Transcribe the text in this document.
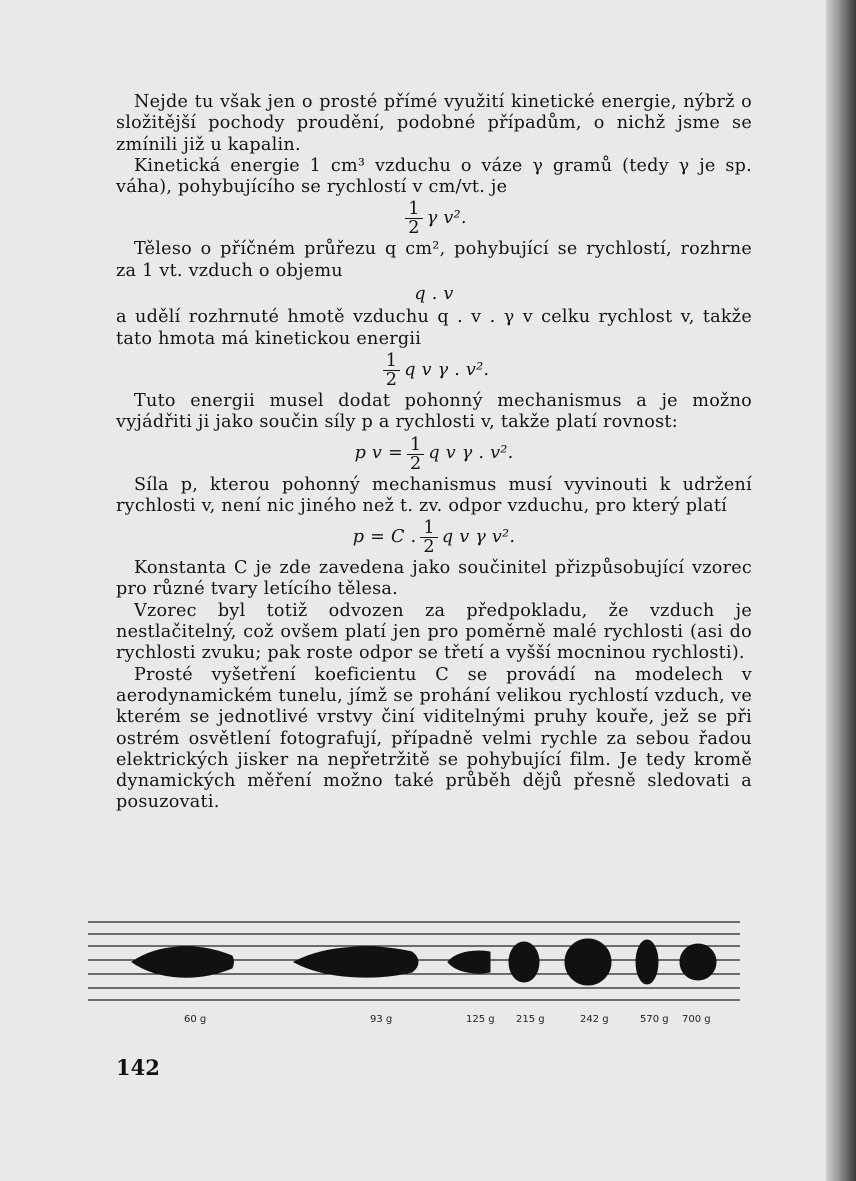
Nejde tu však jen o prosté přímé využití kinetické energie, nýbrž o složitější pochody proudění, podobné případům, o nichž jsme se zmínili již u kapalin.

Kinetická energie 1 cm³ vzduchu o váze γ gramů (tedy γ je sp. váha), pohybujícího se rychlostí v cm/vt. je

$\frac{1}{2}$ γ v².

Těleso o příčném průřezu q cm², pohybující se rychlostí, rozhrne za 1 vt. vzduch o objemu

q . v

a udělí rozhrnuté hmotě vzduchu q . v . γ v celku rychlost v, takže tato hmota má kinetickou energii

$\frac{1}{2}$ q v γ . v².

Tuto energii musel dodat pohonný mechanismus a je možno vyjádřiti ji jako součin síly p a rychlosti v, takže platí rovnost:

p $v = \frac{1}{2}$ q v γ . v².

Síla p, kterou pohonný mechanismus musí vyvinouti k udržení rychlosti v, není nic jiného než t. zv. odpor vzduchu, pro který platí

p = C . $\frac{1}{2}$ q v γ v².

Konstanta C je zde zavedena jako součinitel přizpůsobující vzorec pro různé tvary letícího tělesa.

Vzorec byl totiž odvozen za předpokladu, že vzduch je nestlačitelný, což ovšem platí jen pro poměrně malé rychlosti (asi do rychlosti zvuku; pak roste odpor se třetí a vyšší mocninou rychlosti).

Prosté vyšetření koeficientu C se provádí na modelech v aerodynamickém tunelu, jímž se prohání velikou rychlostí vzduch, ve kterém se jednotlivé vrstvy činí viditelnými pruhy kouře, jež se při ostrém osvětlení fotografují, případně velmi rychle za sebou řadou elektrických jisker na nepřetržitě se pohybující film. Je tedy kromě dynamických měření možno také průběh dějů přesně sledovati a posuzovati.

60 g	93 g	125 g 215 g	242 g	570 g 700 g
142
